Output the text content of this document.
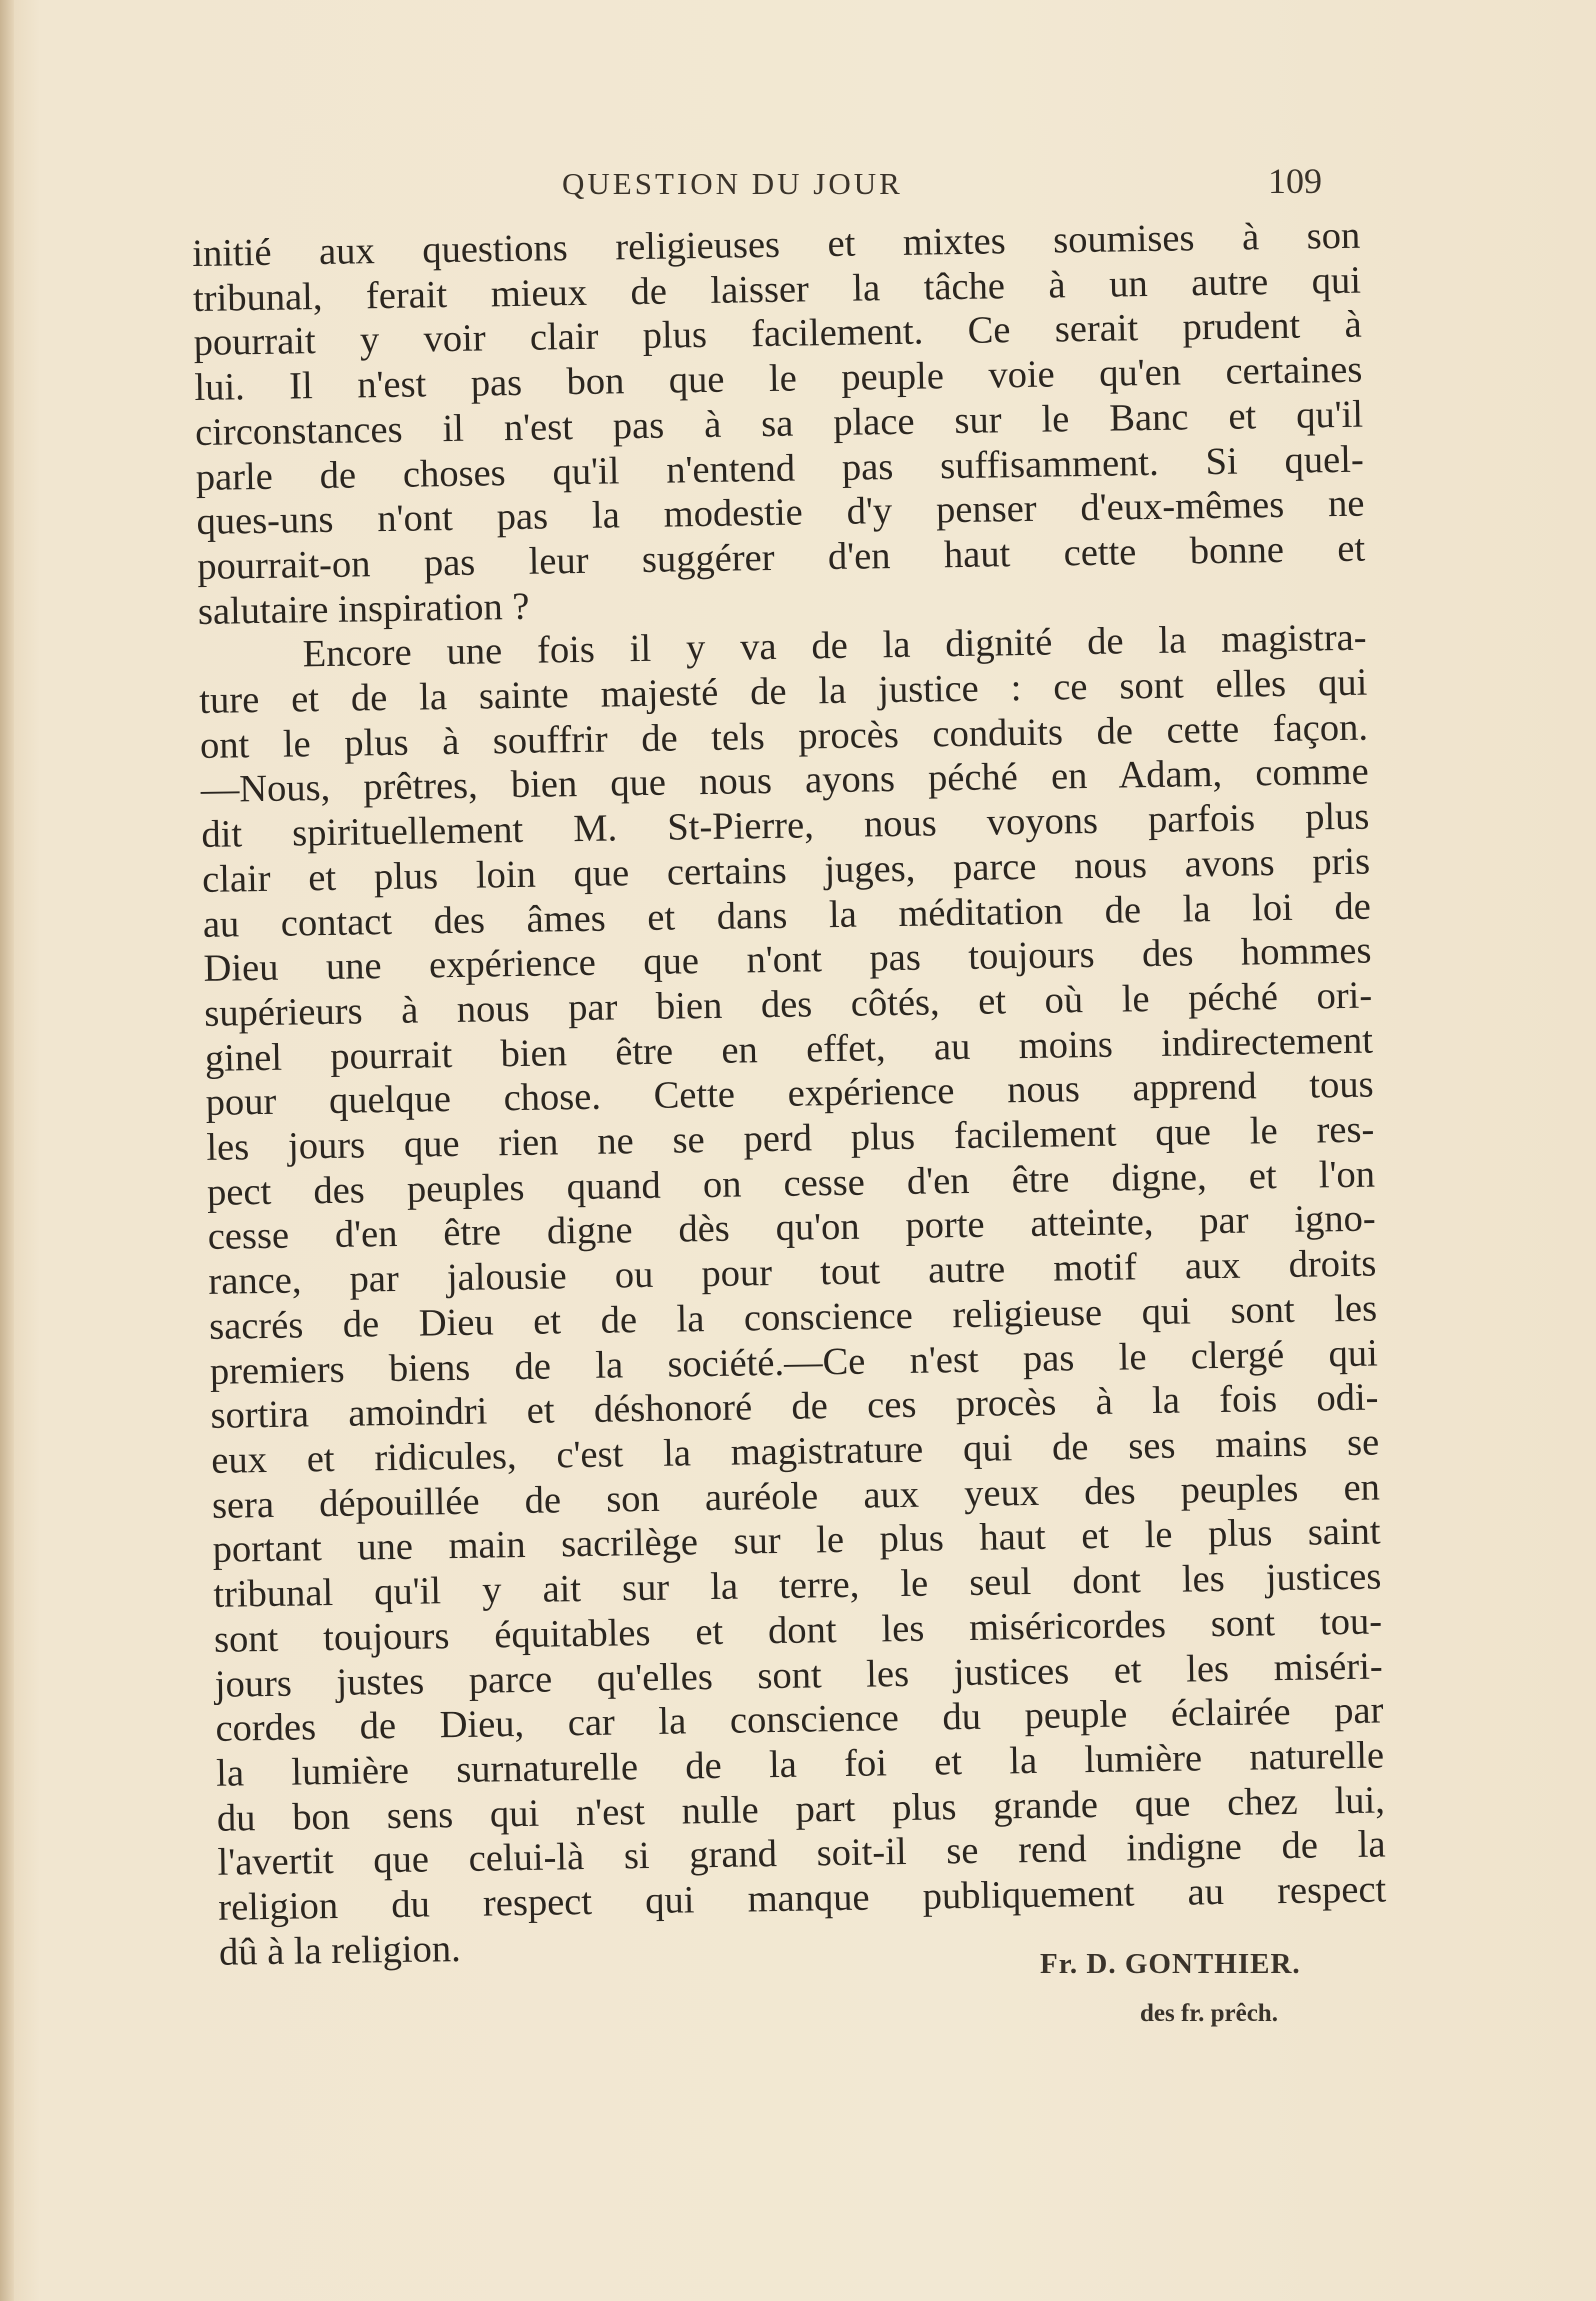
QUESTION DU JOUR	109
initié aux questions religieuses et mixtes soumises à son
tribunal, ferait mieux de laisser la tâche à un autre qui
pourrait y voir clair plus facilement. Ce serait prudent à
lui. Il n'est pas bon que le peuple voie qu'en certaines
circonstances il n'est pas à sa place sur le Banc et qu'il
parle de choses qu'il n'entend pas suffisamment. Si quel-
ques-uns n'ont pas la modestie d'y penser d'eux-mêmes ne
pourrait-on pas leur suggérer d'en haut cette bonne et
salutaire inspiration ?
Encore une fois il y va de la dignité de la magistra-
ture et de la sainte majesté de la justice : ce sont elles qui
ont le plus à souffrir de tels procès conduits de cette façon.
—Nous, prêtres, bien que nous ayons péché en Adam, comme
dit spirituellement M. St-Pierre, nous voyons parfois plus
clair et plus loin que certains juges, parce nous avons pris
au contact des âmes et dans la méditation de la loi de
Dieu une expérience que n'ont pas toujours des hommes
supérieurs à nous par bien des côtés, et où le péché ori-
ginel pourrait bien être en effet, au moins indirectement
pour quelque chose. Cette expérience nous apprend tous
les jours que rien ne se perd plus facilement que le res-
pect des peuples quand on cesse d'en être digne, et l'on
cesse d'en être digne dès qu'on porte atteinte, par igno-
rance, par jalousie ou pour tout autre motif aux droits
sacrés de Dieu et de la conscience religieuse qui sont les
premiers biens de la société.—Ce n'est pas le clergé qui
sortira amoindri et déshonoré de ces procès à la fois odi-
eux et ridicules, c'est la magistrature qui de ses mains se
sera dépouillée de son auréole aux yeux des peuples en
portant une main sacrilège sur le plus haut et le plus saint
tribunal qu'il y ait sur la terre, le seul dont les justices
sont toujours équitables et dont les miséricordes sont tou-
jours justes parce qu'elles sont les justices et les miséri-
cordes de Dieu, car la conscience du peuple éclairée par
la lumière surnaturelle de la foi et la lumière naturelle
du bon sens qui n'est nulle part plus grande que chez lui,
l'avertit que celui-là si grand soit-il se rend indigne de la
religion du respect qui manque publiquement au respect
dû à la religion.	Fr. D. GONTHIER.
des fr. prêch.
